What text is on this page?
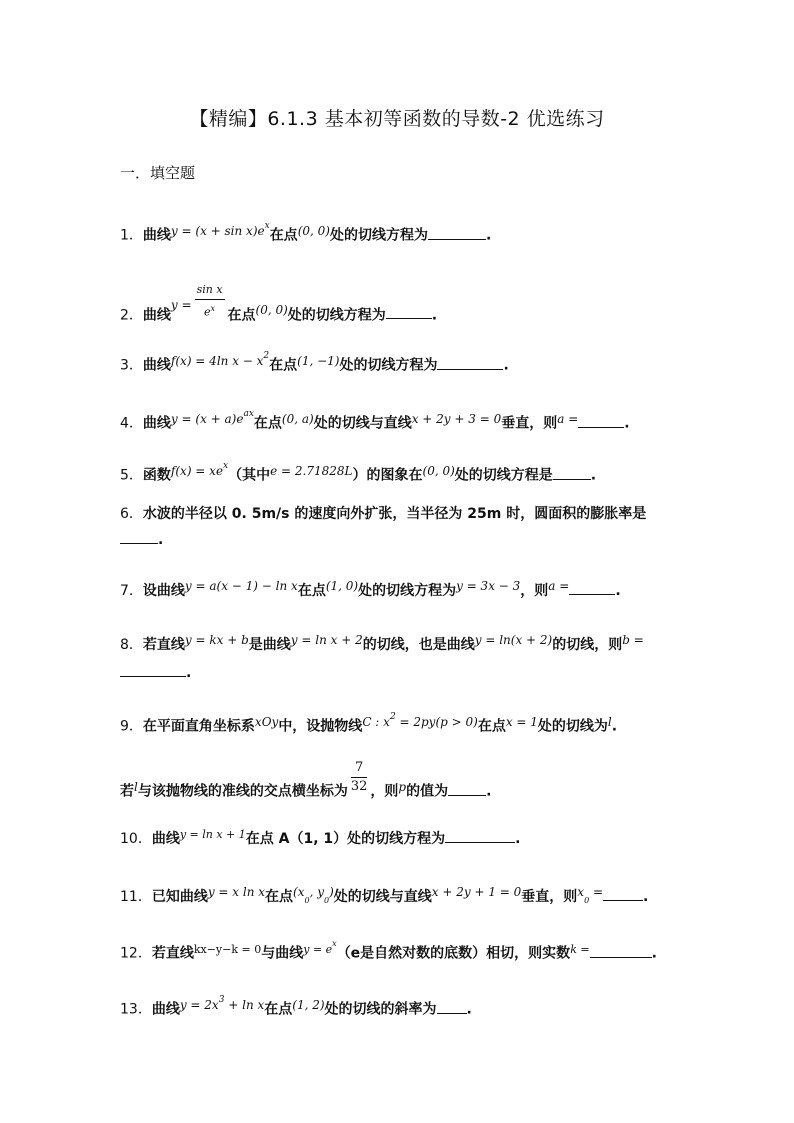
【精编】6.1.3 基本初等函数的导数-2 优选练习
一．填空题
1．曲线$y = (x + \sin x)e^x$在点(0, 0)处的切线方程为	.
2．曲线$y = \frac{\text{sin x}}{e^x}$ 在点(0, 0)处的切线方程为	.
3．曲线f(x) = 4ln $x - x^2$在点(1, −1)处的切线方程为	.
4．曲线$y = (x + a)e^{ax}$在点(0, a)处的切线与直线x + 2y + 3 = 0垂直，则a =	.
5．函数$f(x) = xe^x$（其中e = 2.71828L）的图象在(0, 0)处的切线方程是	.
6．水波的半径以 0. 5m/s 的速度向外扩张，当半径为 25m 时，圆面积的膨胀率是
.
7．设曲线y = a(x − 1) − ln x在点(1, 0)处的切线方程为y = 3x − 3，则a =	.
8．若直线y = kx + b是曲线y = ln x + 2的切线，也是曲线y = ln(x + 2)的切线，则b =
.
9．在平面直角坐标系xOy中，设抛物线C : $x^2 = 2py(p > 0)$在点x = 1处的切线为l.
若l与该抛物线的准线的交点横坐标为 $\frac{7}{32}$ ，则p的值为	.
10．曲线$^{y = ln x + 1}$在点 A（1, 1）处的切线方程为	.
11．已知曲线y = x ln x在点($x_0$, $y_0$)处的切线与直线x + 2y + 1 = 0垂直，则$x_0$ =	.
12．若直线$^{kx-y-k = 0}$与曲线$^{y = ex}$（e是自然对数的底数）相切，则实数$^{k =}$	.
13．曲线$y = 2x^3 + \ln x$在点(1, 2)处的切线的斜率为 .
